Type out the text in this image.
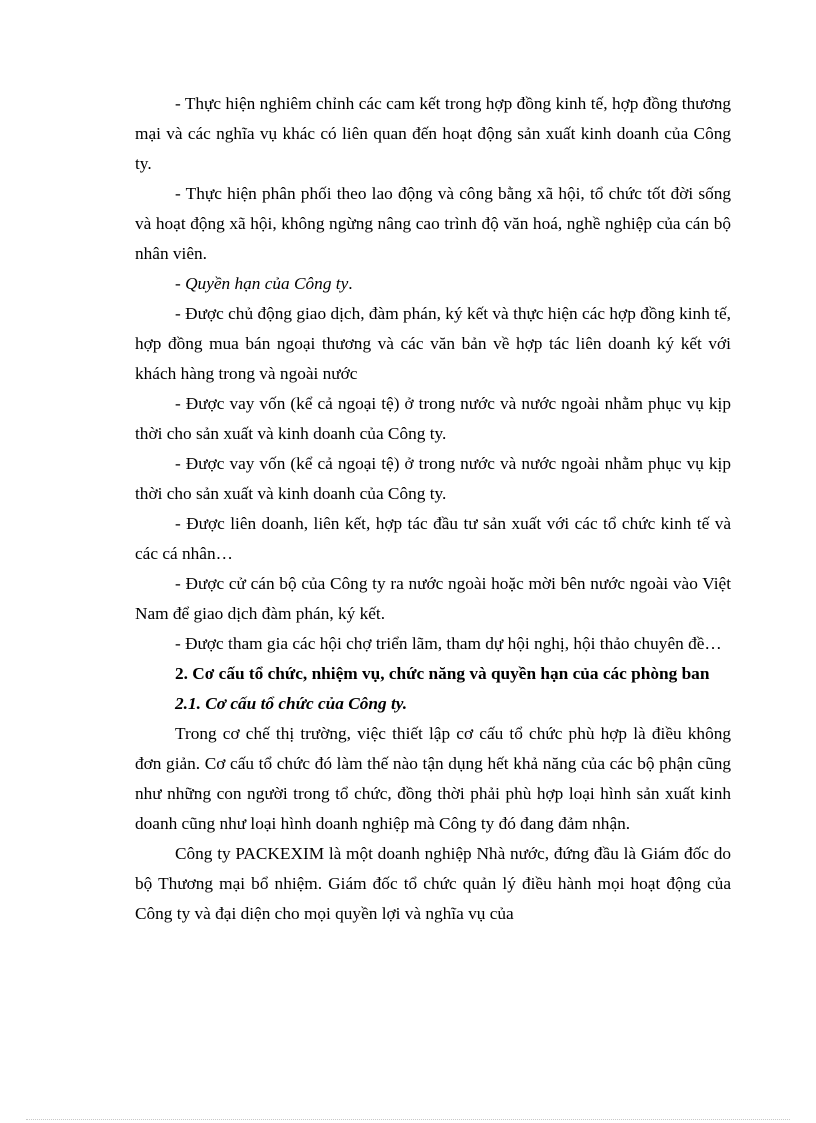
- Thực hiện nghiêm chỉnh các cam kết trong hợp đồng kinh tế, hợp đồng thương mại và các nghĩa vụ khác có liên quan đến hoạt động sản xuất kinh doanh của Công ty.

- Thực hiện phân phối theo lao động và công bằng xã hội, tổ chức tốt đời sống và hoạt động xã hội, không ngừng nâng cao trình độ văn hoá, nghề nghiệp của cán bộ nhân viên.

- Quyền hạn của Công ty.

- Được chủ động giao dịch, đàm phán, ký kết và thực hiện các hợp đồng kinh tế, hợp đồng mua bán ngoại thương và các văn bản về hợp tác liên doanh ký kết với khách hàng trong và ngoài nước

- Được vay vốn (kể cả ngoại tệ) ở trong nước và nước ngoài nhằm phục vụ kịp thời cho sản xuất và kinh doanh của Công ty.

- Được vay vốn (kể cả ngoại tệ) ở trong nước và nước ngoài nhằm phục vụ kịp thời cho sản xuất và kinh doanh của Công ty.

- Được liên doanh, liên kết, hợp tác đầu tư sản xuất với các tổ chức kinh tế và các cá nhân…

- Được cử cán bộ của Công ty ra nước ngoài hoặc mời bên nước ngoài vào Việt Nam để giao dịch đàm phán, ký kết.

- Được tham gia các hội chợ triển lãm, tham dự hội nghị, hội thảo chuyên đề…

2. Cơ cấu tổ chức, nhiệm vụ, chức năng và quyền hạn của các phòng ban

2.1. Cơ cấu tổ chức của Công ty.

Trong cơ chế thị trường, việc thiết lập cơ cấu tổ chức phù hợp là điều không đơn giản. Cơ cấu tổ chức đó làm thế nào tận dụng hết khả năng của các bộ phận cũng như những con người trong tổ chức, đồng thời phải phù hợp loại hình sản xuất kinh doanh cũng như loại hình doanh nghiệp mà Công ty đó đang đảm nhận.

Công ty PACKEXIM là một doanh nghiệp Nhà nước, đứng đầu là Giám đốc do bộ Thương mại bổ nhiệm. Giám đốc tổ chức quản lý điều hành mọi hoạt động của Công ty và đại diện cho mọi quyền lợi và nghĩa vụ của
